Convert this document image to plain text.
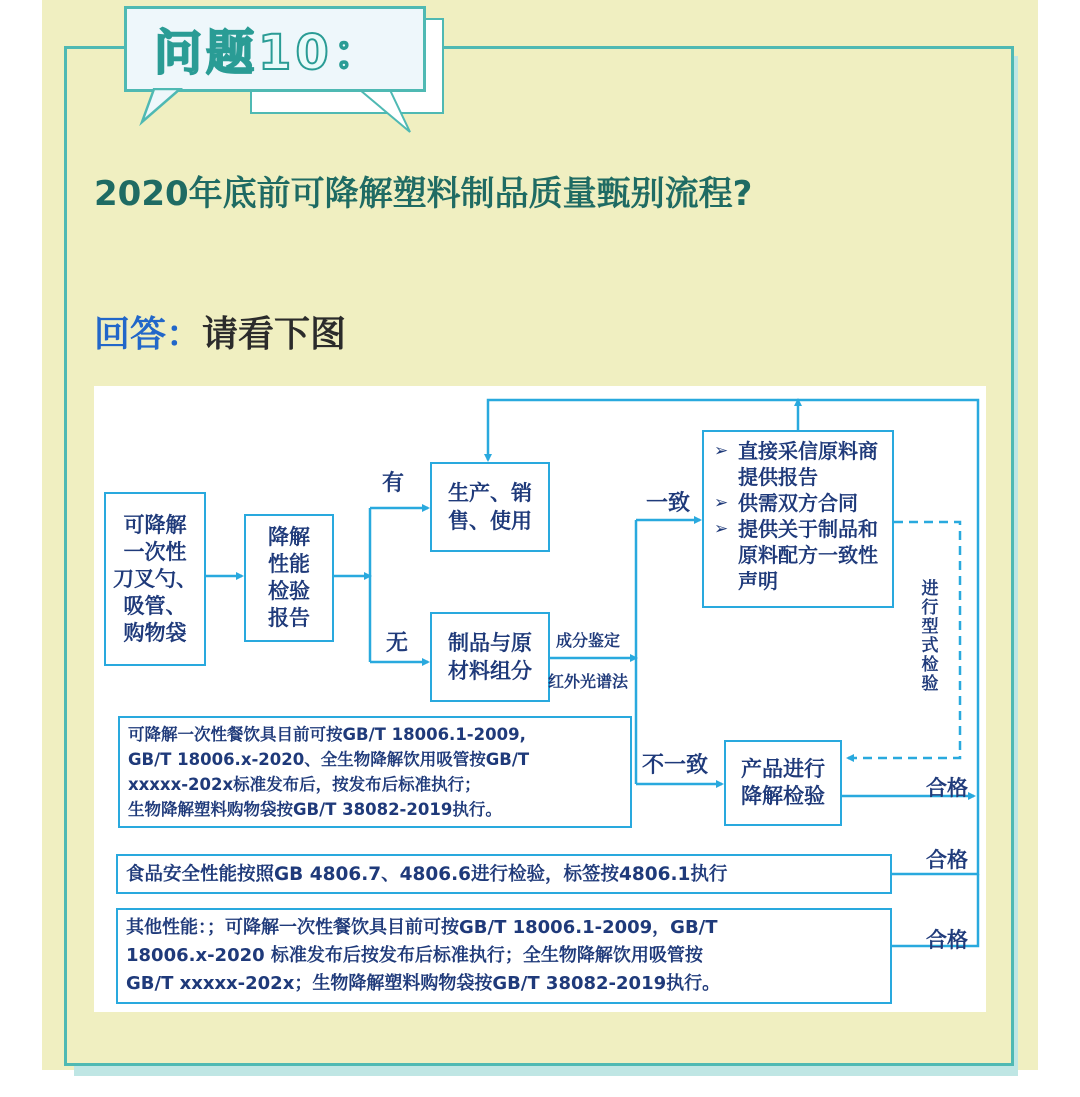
问题10：
2020年底前可降解塑料制品质量甄别流程?
回答：请看下图
可降解
一次性
刀叉勺、
吸管、
购物袋
降解
性能
检验
报告
有
无
生产、销
售、使用
制品与原
材料组分
成分鉴定
红外光谱法
一致
不一致
➢ 直接采信原料商 提供报告
➢ 供需双方合同
➢ 提供关于制品和原料配方一致性声明	进行型式检验
产品进行
降解检验	合格
合格
合格
可降解一次性餐饮具目前可按GB/T 18006.1-2009,
GB/T 18006.x-2020、全生物降解饮用吸管按GB/T
xxxxx-202x标准发布后，按发布后标准执行；
生物降解塑料购物袋按GB/T 38082-2019执行。
食品安全性能按照GB 4806.7、4806.6进行检验，标签按4806.1执行
其他性能：；可降解一次性餐饮具目前可按GB/T 18006.1-2009，GB/T
18006.x-2020 标准发布后按发布后标准执行；全生物降解饮用吸管按
GB/T xxxxx-202x；生物降解塑料购物袋按GB/T 38082-2019执行。
